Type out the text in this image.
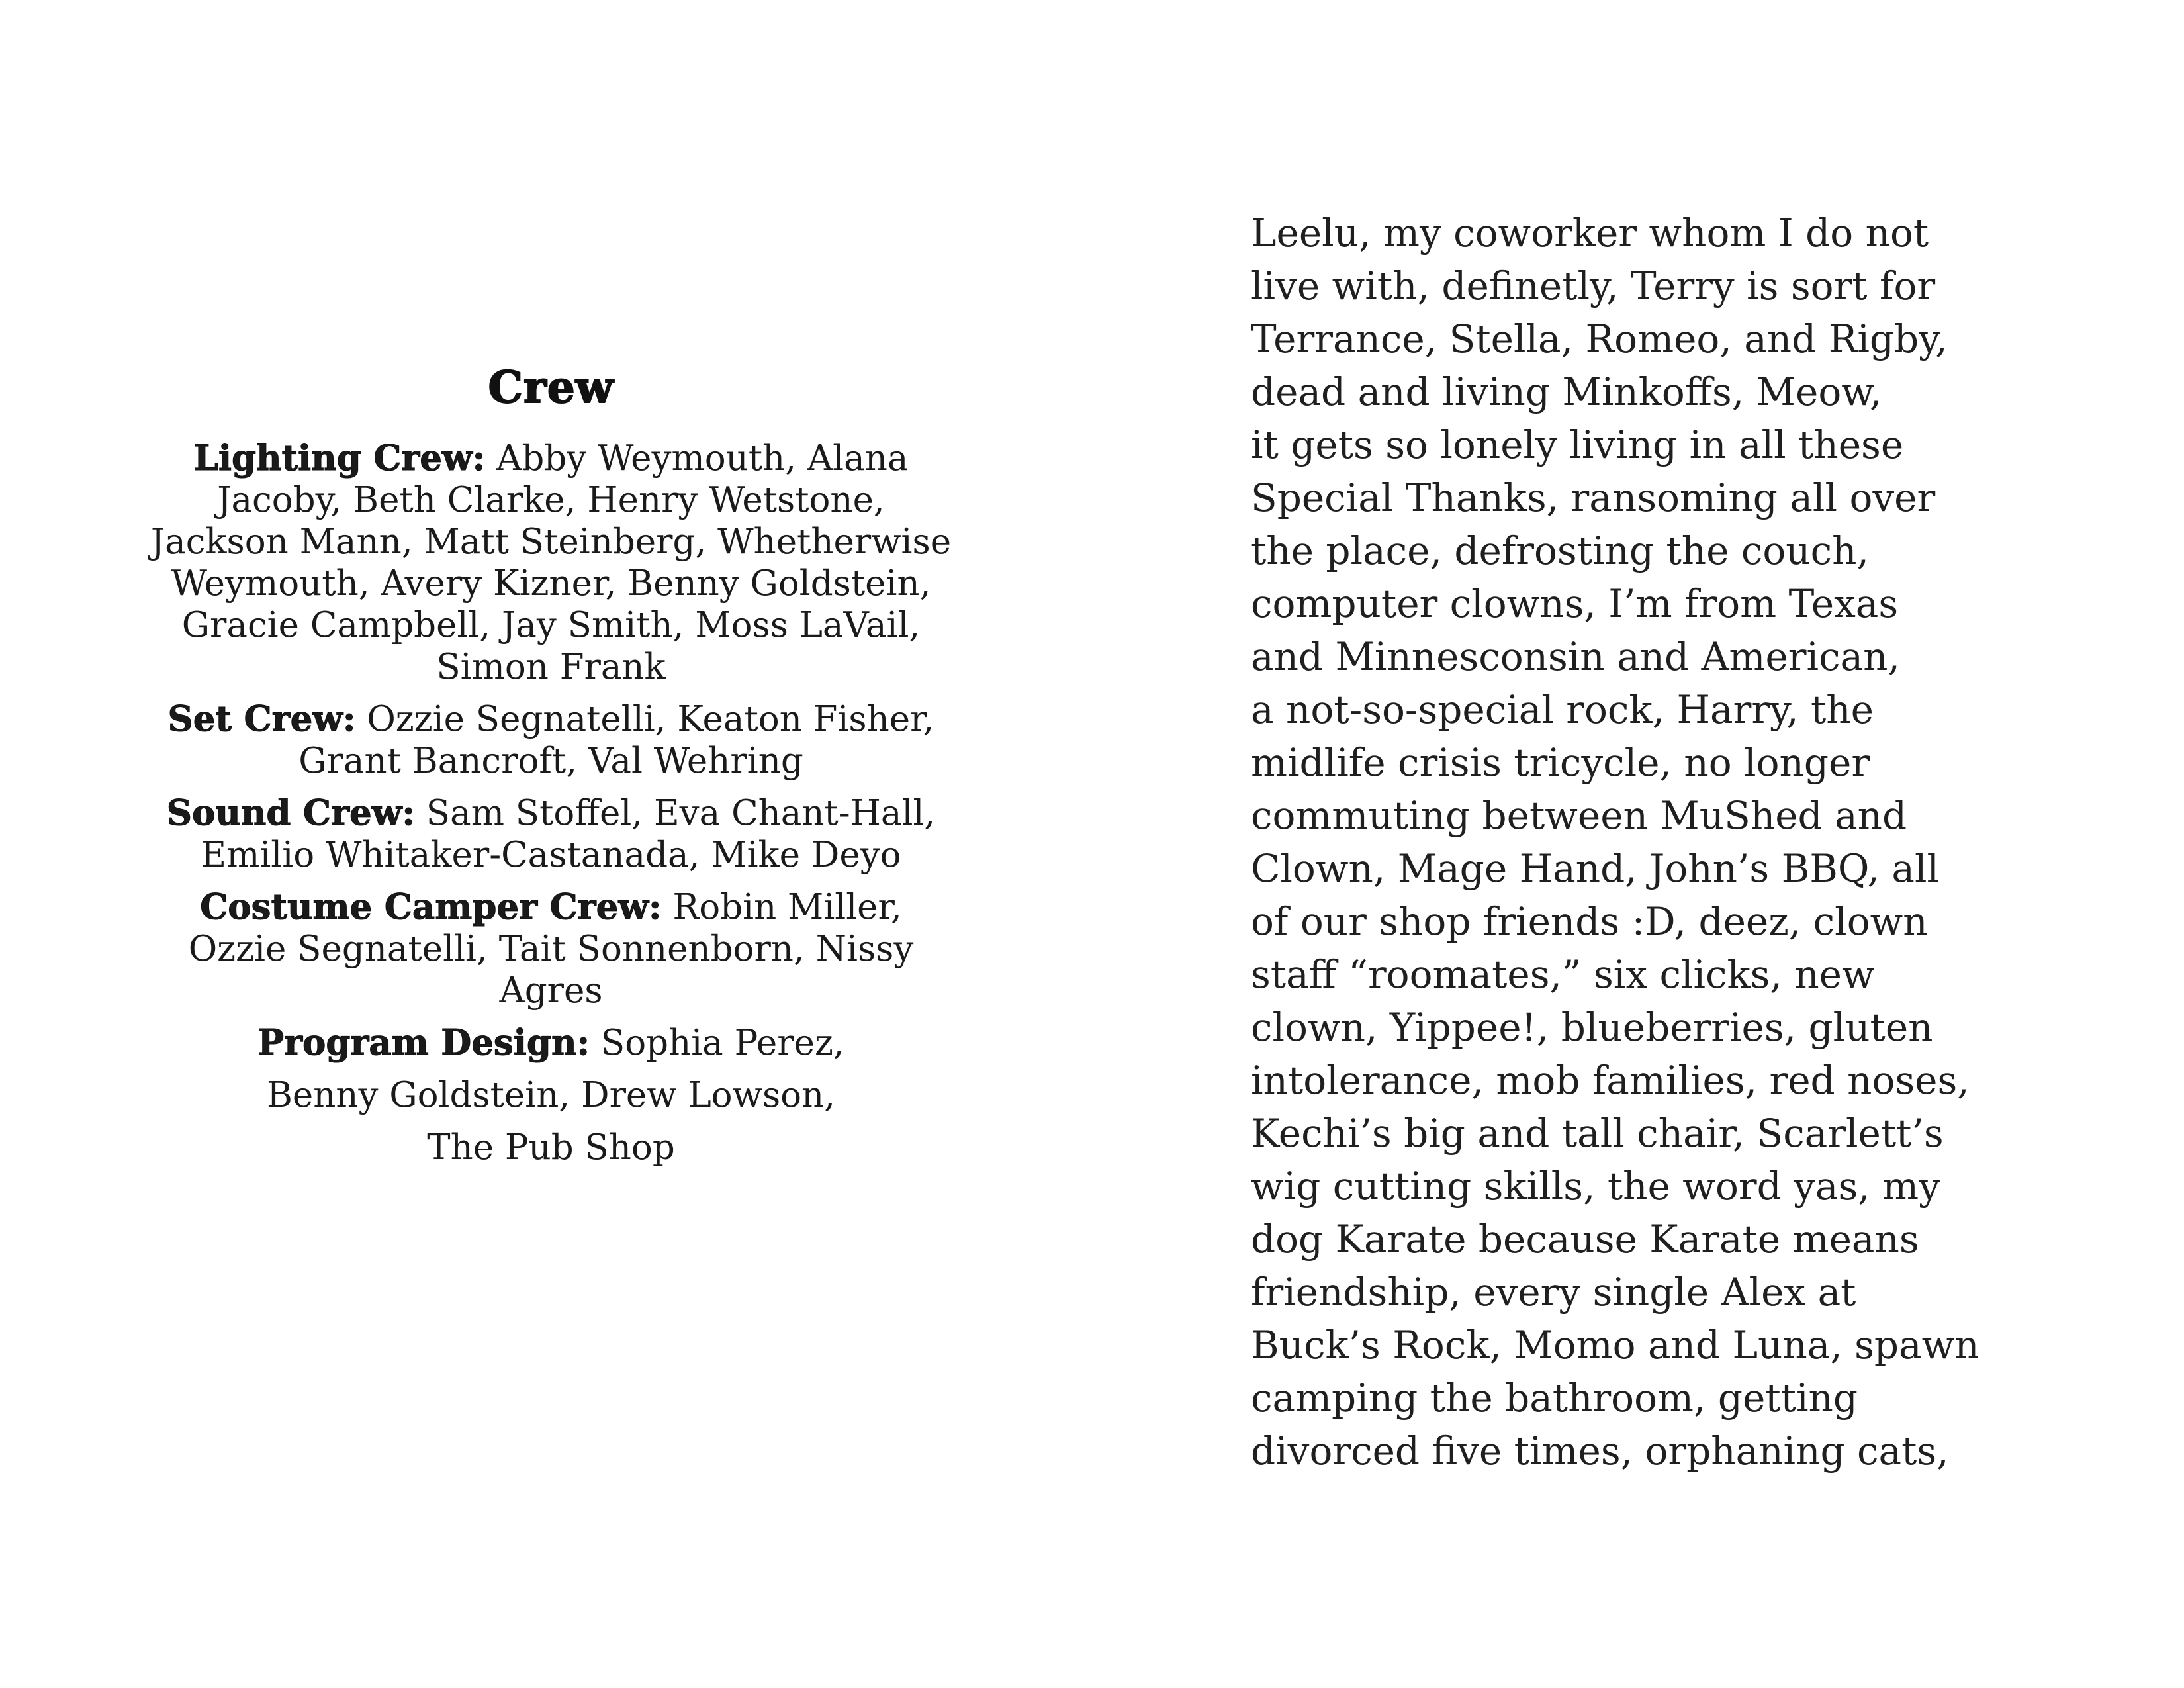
Crew

Lighting Crew: Abby Weymouth, Alana Jacoby, Beth Clarke, Henry Wetstone, Jackson Mann, Matt Steinberg, Whetherwise Weymouth, Avery Kizner, Benny Goldstein, Gracie Campbell, Jay Smith, Moss LaVail, Simon Frank

Set Crew: Ozzie Segnatelli, Keaton Fisher, Grant Bancroft, Val Wehring

Sound Crew: Sam Stoffel, Eva Chant-Hall, Emilio Whitaker-Castanada, Mike Deyo

Costume Camper Crew: Robin Miller, Ozzie Segnatelli, Tait Sonnenborn, Nissy Agres

Program Design: Sophia Perez,

Benny Goldstein, Drew Lowson,

The Pub Shop

Leelu, my coworker whom I do not
live with, definetly, Terry is sort for
Terrance, Stella, Romeo, and Rigby,
dead and living Minkoffs, Meow,
it gets so lonely living in all these
Special Thanks, ransoming all over
the place, defrosting the couch,
computer clowns, I’m from Texas
and Minnesconsin and American,
a not-so-special rock, Harry, the
midlife crisis tricycle, no longer
commuting between MuShed and
Clown, Mage Hand, John’s BBQ, all
of our shop friends :D, deez, clown
staff “roomates,” six clicks, new
clown, Yippee!, blueberries, gluten
intolerance, mob families, red noses,
Kechi’s big and tall chair, Scarlett’s
wig cutting skills, the word yas, my
dog Karate because Karate means
friendship, every single Alex at
Buck’s Rock, Momo and Luna, spawn
camping the bathroom, getting
divorced five times, orphaning cats,
